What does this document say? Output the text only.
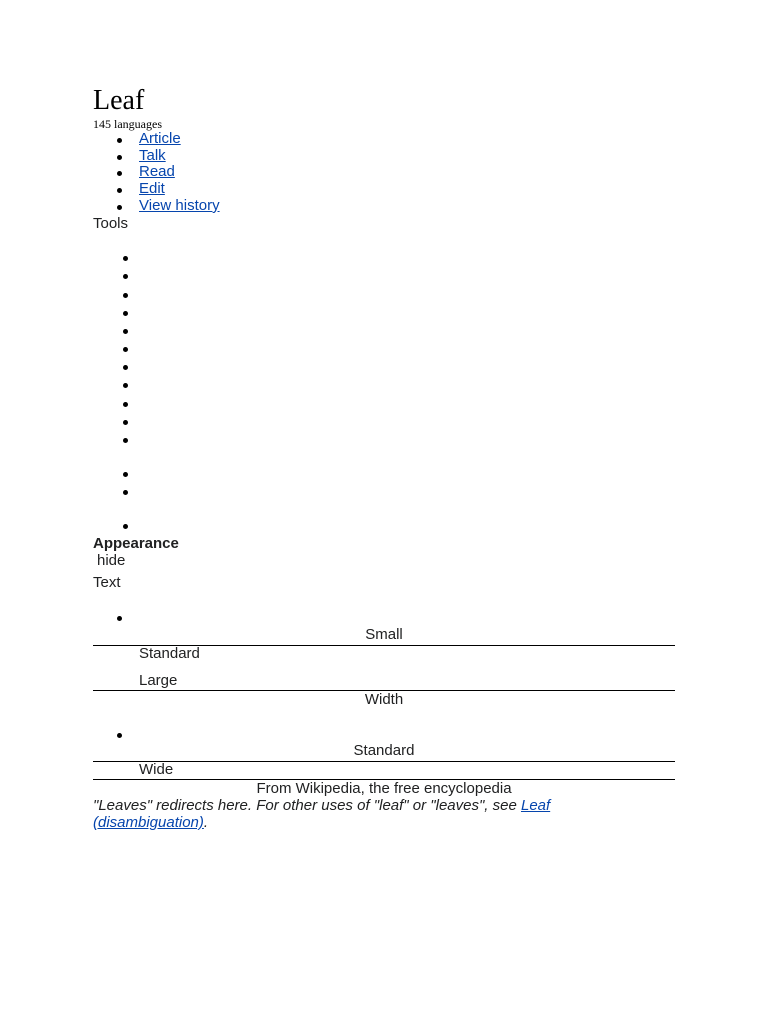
Leaf
145 languages
Article
Talk
Read
Edit
View history
Tools
Appearance
hide
Text
Small
Standard
Large
Width
Standard
Wide
From Wikipedia, the free encyclopedia
"Leaves" redirects here. For other uses of "leaf" or "leaves", see Leaf
(disambiguation).
